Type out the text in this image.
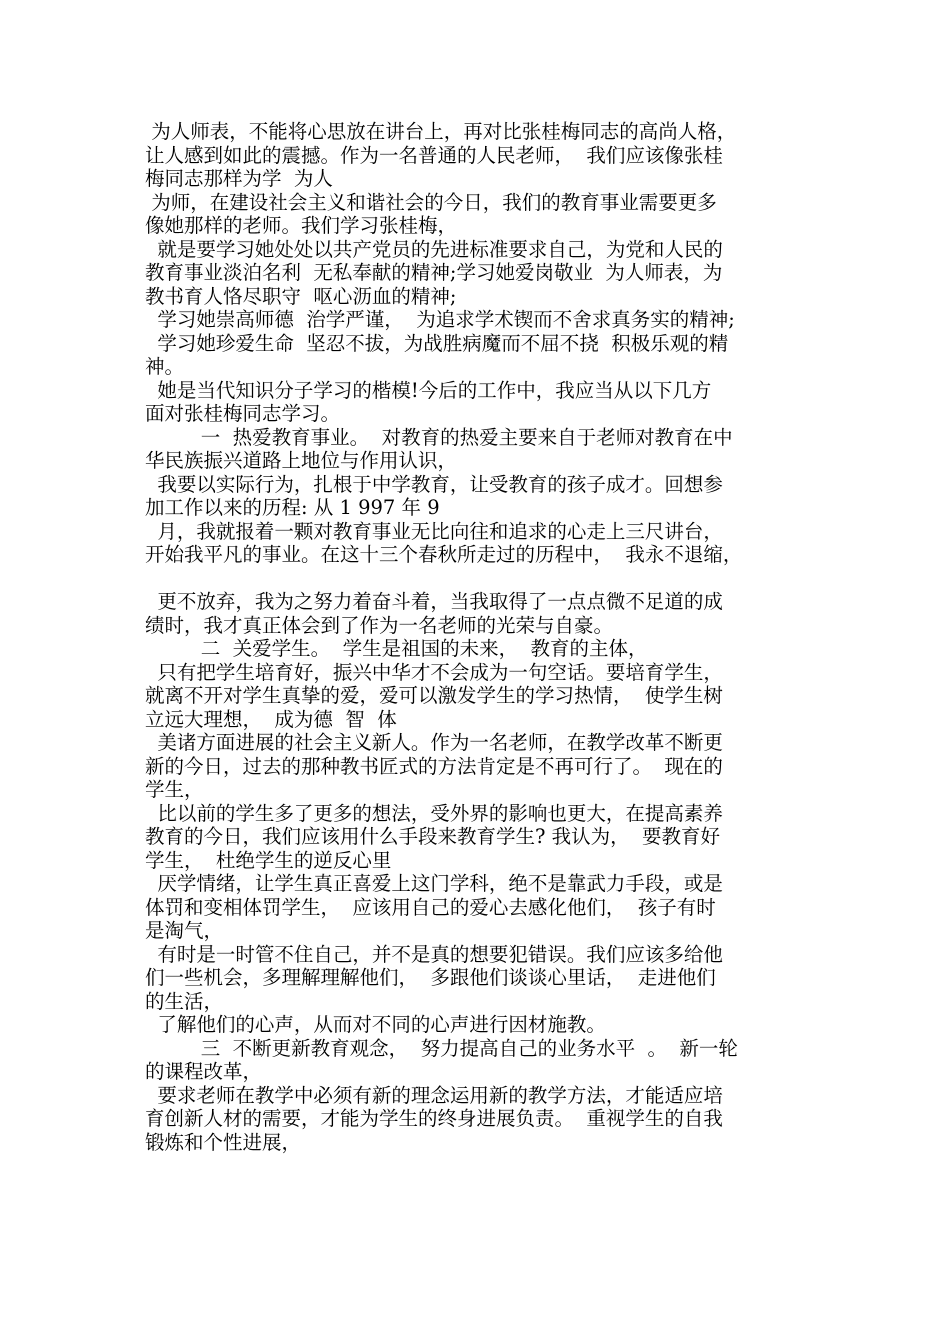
为人师表，不能将心思放在讲台上，再对比张桂梅同志的高尚人格，
让人感到如此的震撼。作为一名普通的人民老师，  我们应该像张桂
梅同志那样为学  为人
为师，在建设社会主义和谐社会的今日，我们的教育事业需要更多
像她那样的老师。我们学习张桂梅，
就是要学习她处处以共产党员的先进标准要求自己，为党和人民的
教育事业淡泊名利  无私奉献的精神;学习她爱岗敬业  为人师表，为
教书育人恪尽职守  呕心沥血的精神;
学习她崇高师德  治学严谨，  为追求学术锲而不舍求真务实的精神;
学习她珍爱生命  坚忍不拔，为战胜病魔而不屈不挠  积极乐观的精
神。
她是当代知识分子学习的楷模!今后的工作中，我应当从以下几方
面对张桂梅同志学习。
一  热爱教育事业。  对教育的热爱主要来自于老师对教育在中
华民族振兴道路上地位与作用认识，
我要以实际行为，扎根于中学教育，让受教育的孩子成才。回想参
加工作以来的历程: 从 1 997 年 9
月，我就报着一颗对教育事业无比向往和追求的心走上三尺讲台，
开始我平凡的事业。在这十三个春秋所走过的历程中，  我永不退缩，
更不放弃，我为之努力着奋斗着，当我取得了一点点微不足道的成
绩时，我才真正体会到了作为一名老师的光荣与自豪。
二  关爱学生。  学生是祖国的未来，  教育的主体，
只有把学生培育好，振兴中华才不会成为一句空话。要培育学生，
就离不开对学生真挚的爱，爱可以激发学生的学习热情，  使学生树
立远大理想，  成为德  智  体
美诸方面进展的社会主义新人。作为一名老师，在教学改革不断更
新的今日，过去的那种教书匠式的方法肯定是不再可行了。  现在的
学生，
比以前的学生多了更多的想法，受外界的影响也更大，在提高素养
教育的今日，我们应该用什么手段来教育学生? 我认为，  要教育好
学生，  杜绝学生的逆反心里
厌学情绪，让学生真正喜爱上这门学科，绝不是靠武力手段，或是
体罚和变相体罚学生，  应该用自己的爱心去感化他们，  孩子有时
是淘气，
有时是一时管不住自己，并不是真的想要犯错误。我们应该多给他
们一些机会，多理解理解他们，  多跟他们谈谈心里话，  走进他们
的生活，
了解他们的心声，从而对不同的心声进行因材施教。
三  不断更新教育观念，  努力提高自己的业务水平  。  新一轮
的课程改革，
要求老师在教学中必须有新的理念运用新的教学方法，才能适应培
育创新人材的需要，才能为学生的终身进展负责。  重视学生的自我
锻炼和个性进展，
